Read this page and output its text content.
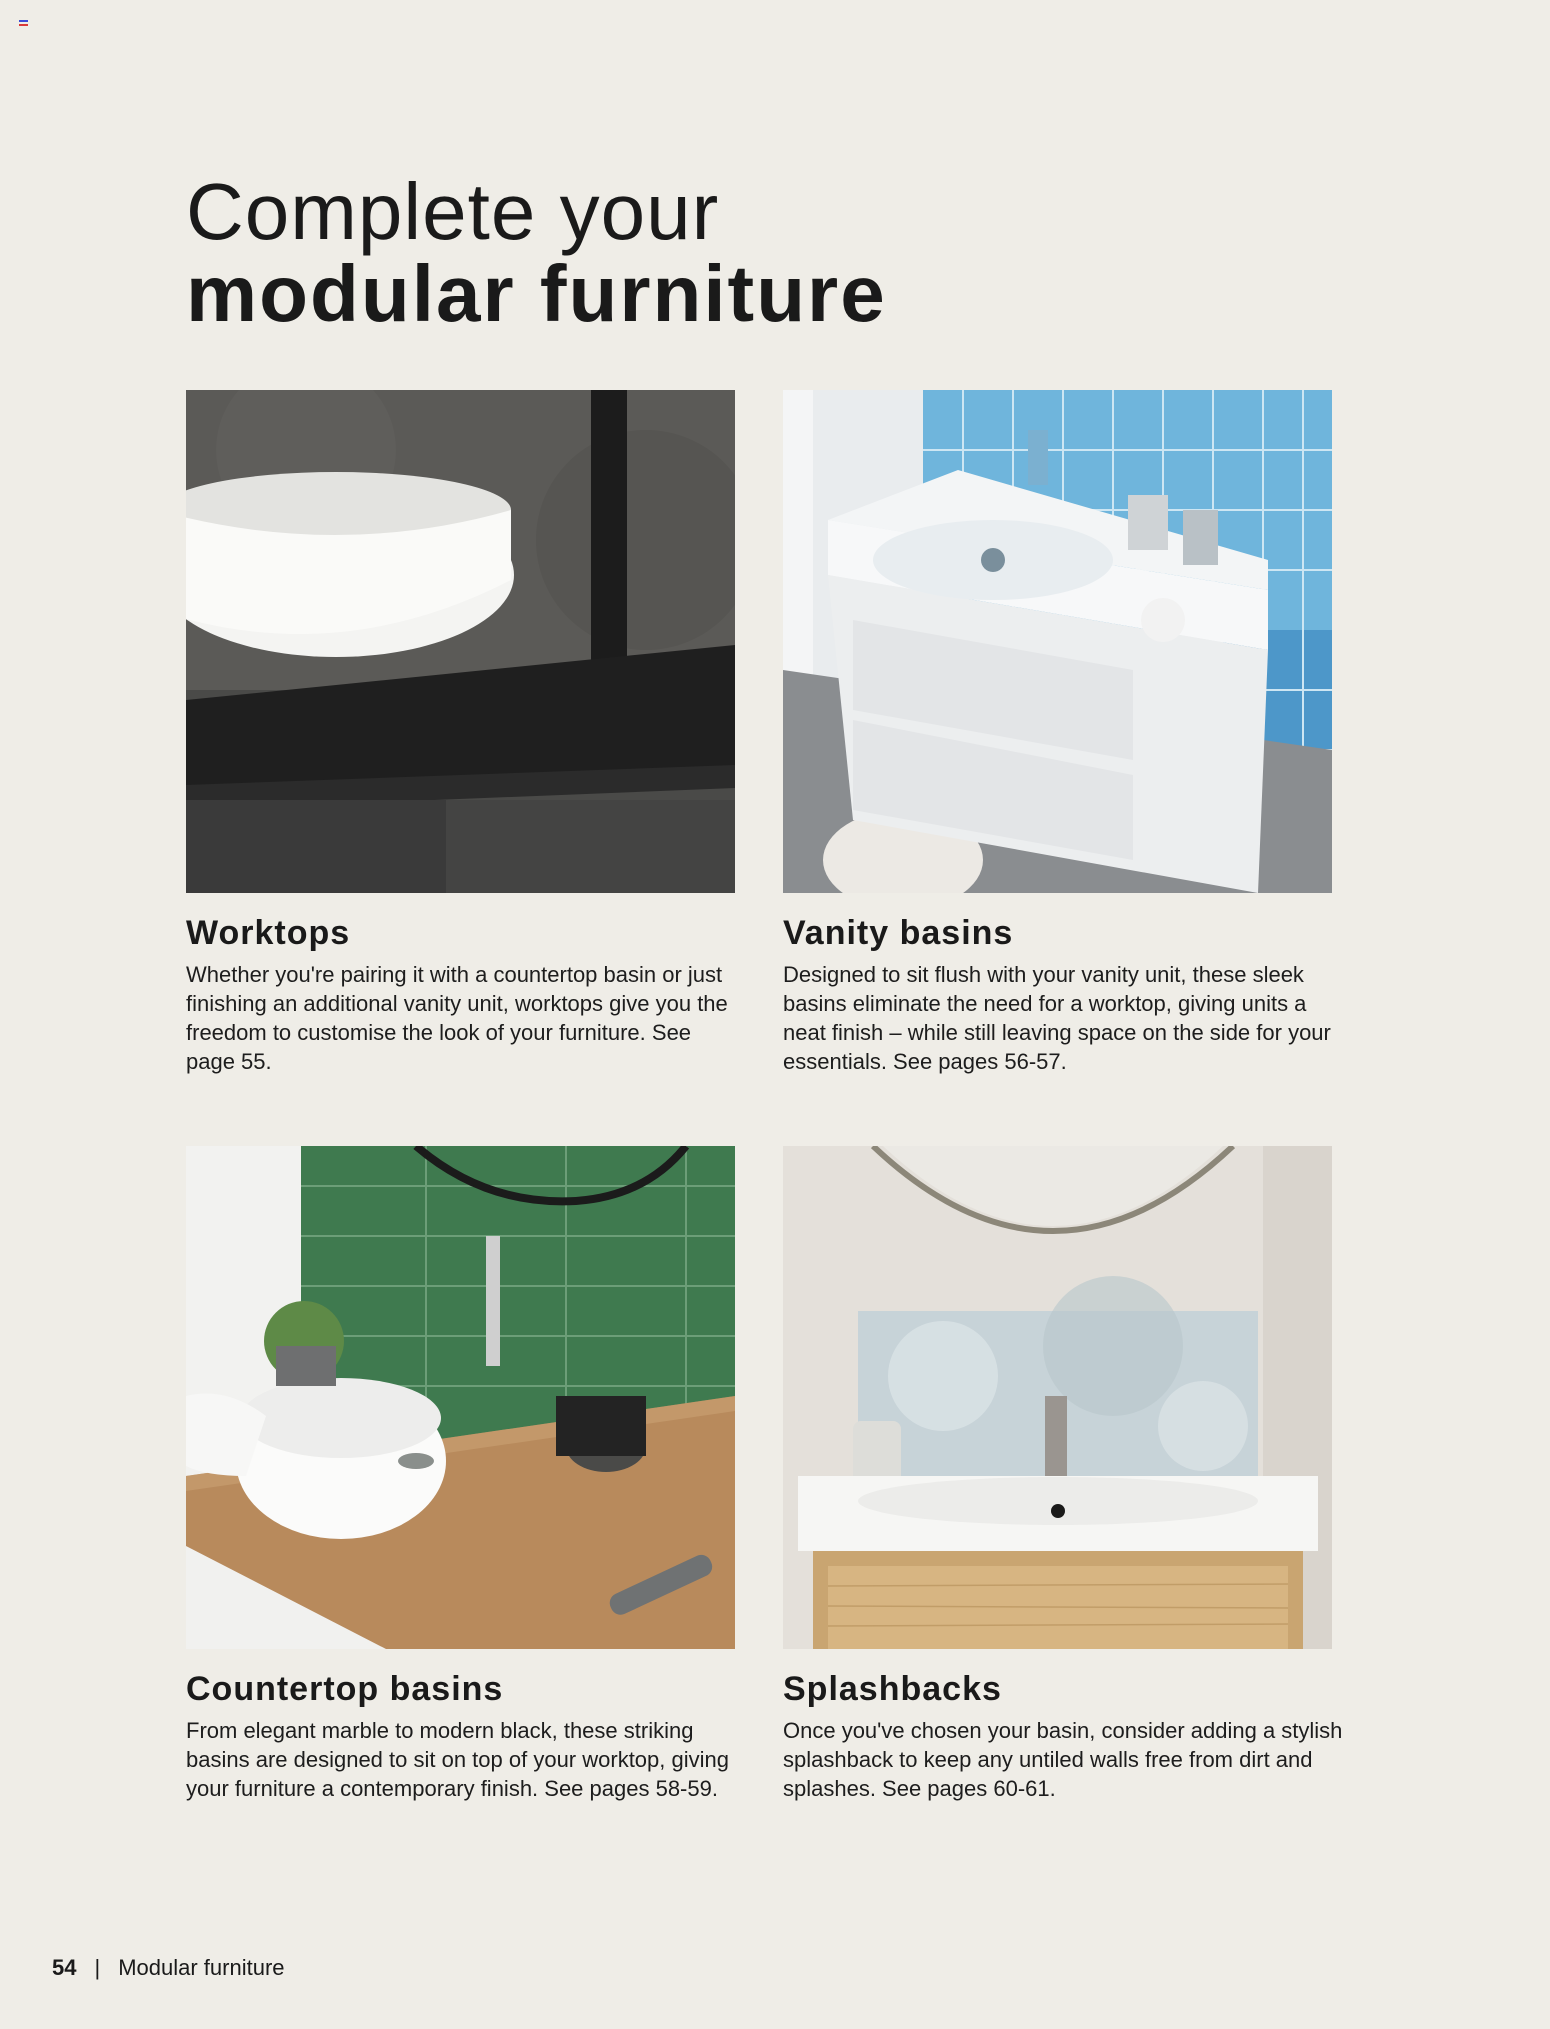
Complete your
modular furniture
Worktops

Whether you're pairing it with a countertop basin or just finishing an additional vanity unit, worktops give you the freedom to customise the look of your furniture. See page 55.

Vanity basins

Designed to sit flush with your vanity unit, these sleek basins eliminate the need for a worktop, giving units a neat finish – while still leaving space on the side for your essentials. See pages 56-57.

Countertop basins

From elegant marble to modern black, these striking basins are designed to sit on top of your worktop, giving your furniture a contemporary finish. See pages 58-59.

Splashbacks

Once you've chosen your basin, consider adding a stylish splashback to keep any untiled walls free from dirt and splashes. See pages 60-61.

54 | Modular furniture
